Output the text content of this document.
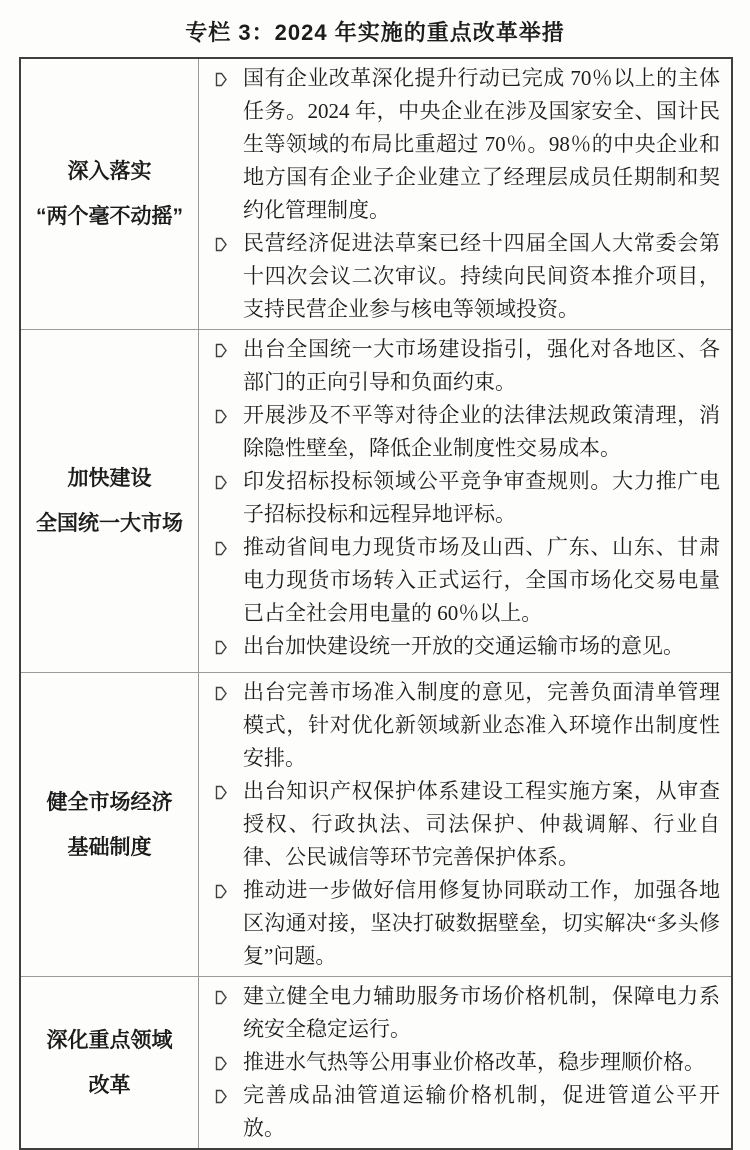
专栏 3：2024 年实施的重点改革举措
深入落实
“两个毫不动摇”
国有企业改革深化提升行动已完成 70％以上的主体任务。2024 年，中央企业在涉及国家安全、国计民生等领域的布局比重超过 70％。98％的中央企业和地方国有企业子企业建立了经理层成员任期制和契约化管理制度。
民营经济促进法草案已经十四届全国人大常委会第十四次会议二次审议。持续向民间资本推介项目，支持民营企业参与核电等领域投资。
加快建设
全国统一大市场
出台全国统一大市场建设指引，强化对各地区、各部门的正向引导和负面约束。
开展涉及不平等对待企业的法律法规政策清理，消除隐性壁垒，降低企业制度性交易成本。
印发招标投标领域公平竞争审查规则。大力推广电子招标投标和远程异地评标。
推动省间电力现货市场及山西、广东、山东、甘肃电力现货市场转入正式运行，全国市场化交易电量已占全社会用电量的 60％以上。
出台加快建设统一开放的交通运输市场的意见。
健全市场经济
基础制度
出台完善市场准入制度的意见，完善负面清单管理模式，针对优化新领域新业态准入环境作出制度性安排。
出台知识产权保护体系建设工程实施方案，从审查授权、行政执法、司法保护、仲裁调解、行业自律、公民诚信等环节完善保护体系。
推动进一步做好信用修复协同联动工作，加强各地区沟通对接，坚决打破数据壁垒，切实解决“多头修复”问题。
深化重点领域
改革
建立健全电力辅助服务市场价格机制，保障电力系统安全稳定运行。
推进水气热等公用事业价格改革，稳步理顺价格。
完善成品油管道运输价格机制，促进管道公平开放。
